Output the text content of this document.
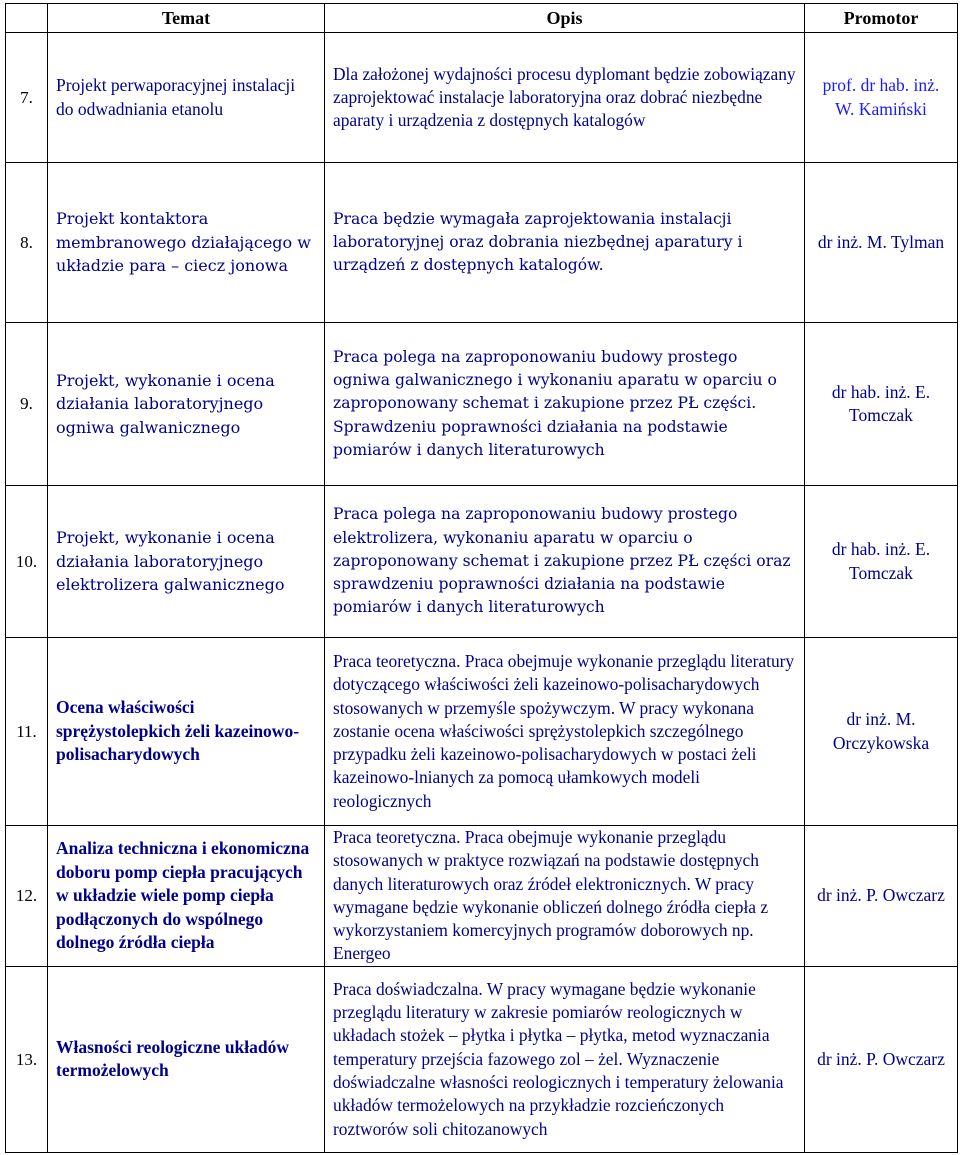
	Temat	Opis	Promotor
7.	Projekt perwaporacyjnej instalacji do odwadniania etanolu	Dla założonej wydajności procesu dyplomant będzie zobowiązany zaprojektować instalacje laboratoryjna oraz dobrać niezbędne aparaty i urządzenia z dostępnych katalogów	prof. dr hab. inż. W. Kamiński
8.	Projekt kontaktora membranowego działającego w układzie para – ciecz jonowa	Praca będzie wymagała zaprojektowania instalacji laboratoryjnej oraz dobrania niezbędnej aparatury i urządzeń z dostępnych katalogów.	dr inż. M. Tylman
9.	Projekt, wykonanie i ocena działania laboratoryjnego ogniwa galwanicznego	Praca polega na zaproponowaniu budowy prostego ogniwa galwanicznego i wykonaniu aparatu w oparciu o zaproponowany schemat i zakupione przez PŁ części. Sprawdzeniu poprawności działania na podstawie pomiarów i danych literaturowych	dr hab. inż. E. Tomczak
10.	Projekt, wykonanie i ocena działania laboratoryjnego elektrolizera galwanicznego	Praca polega na zaproponowaniu budowy prostego elektrolizera, wykonaniu aparatu w oparciu o zaproponowany schemat i zakupione przez PŁ części oraz sprawdzeniu poprawności działania na podstawie pomiarów i danych literaturowych	dr hab. inż. E. Tomczak
11.	Ocena właściwości sprężystolepkich żeli kazeinowo-polisacharydowych	Praca teoretyczna. Praca obejmuje wykonanie przeglądu literatury dotyczącego właściwości żeli kazeinowo-polisacharydowych stosowanych w przemyśle spożywczym. W pracy wykonana zostanie ocena właściwości sprężystolepkich szczególnego przypadku żeli kazeinowo-polisacharydowych w postaci żeli kazeinowo-lnianych za pomocą ułamkowych modeli reologicznych	dr inż. M. Orczykowska
12.	Analiza techniczna i ekonomiczna doboru pomp ciepła pracujących w układzie wiele pomp ciepła podłączonych do wspólnego dolnego źródła ciepła	Praca teoretyczna. Praca obejmuje wykonanie przeglądu stosowanych w praktyce rozwiązań na podstawie dostępnych danych literaturowych oraz źródeł elektronicznych. W pracy wymagane będzie wykonanie obliczeń dolnego źródła ciepła z wykorzystaniem komercyjnych programów doborowych np. Energeo	dr inż. P. Owczarz
13.	Własności reologiczne układów termożelowych	Praca doświadczalna. W pracy wymagane będzie wykonanie przeglądu literatury w zakresie pomiarów reologicznych w układach stożek – płytka i płytka – płytka, metod wyznaczania temperatury przejścia fazowego zol – żel. Wyznaczenie doświadczalne własności reologicznych i temperatury żelowania układów termożelowych na przykładzie rozcieńczonych roztworów soli chitozanowych	dr inż. P. Owczarz
